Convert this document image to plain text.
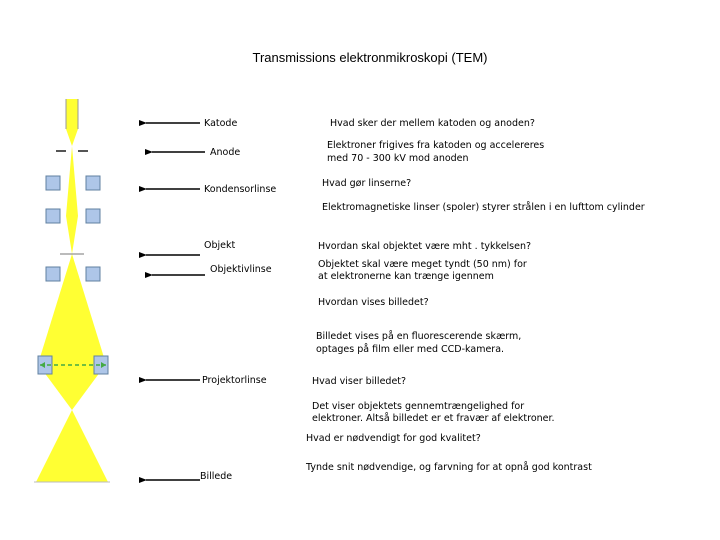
Transmissions elektronmikroskopi (TEM)
Katode
Anode
Kondensorlinse
Objekt
Objektivlinse
Projektorlinse
Billede
Hvad sker der mellem katoden og anoden?
Elektroner frigives fra katoden og accelereres
med 70 - 300 kV mod anoden
Hvad gør linserne?
Elektromagnetiske linser (spoler) styrer strålen i en lufttom cylinder
Hvordan skal objektet være mht . tykkelsen?
Objektet skal være meget tyndt (50 nm) for
at elektronerne kan trænge igennem
Hvordan vises billedet?
Billedet vises på en fluorescerende skærm,
optages på film eller med CCD-kamera.
Hvad viser billedet?
Det viser objektets gennemtrængelighed for
elektroner. Altså billedet er et fravær af elektroner.
Hvad er nødvendigt for god kvalitet?
Tynde snit nødvendige, og farvning for at opnå god kontrast
